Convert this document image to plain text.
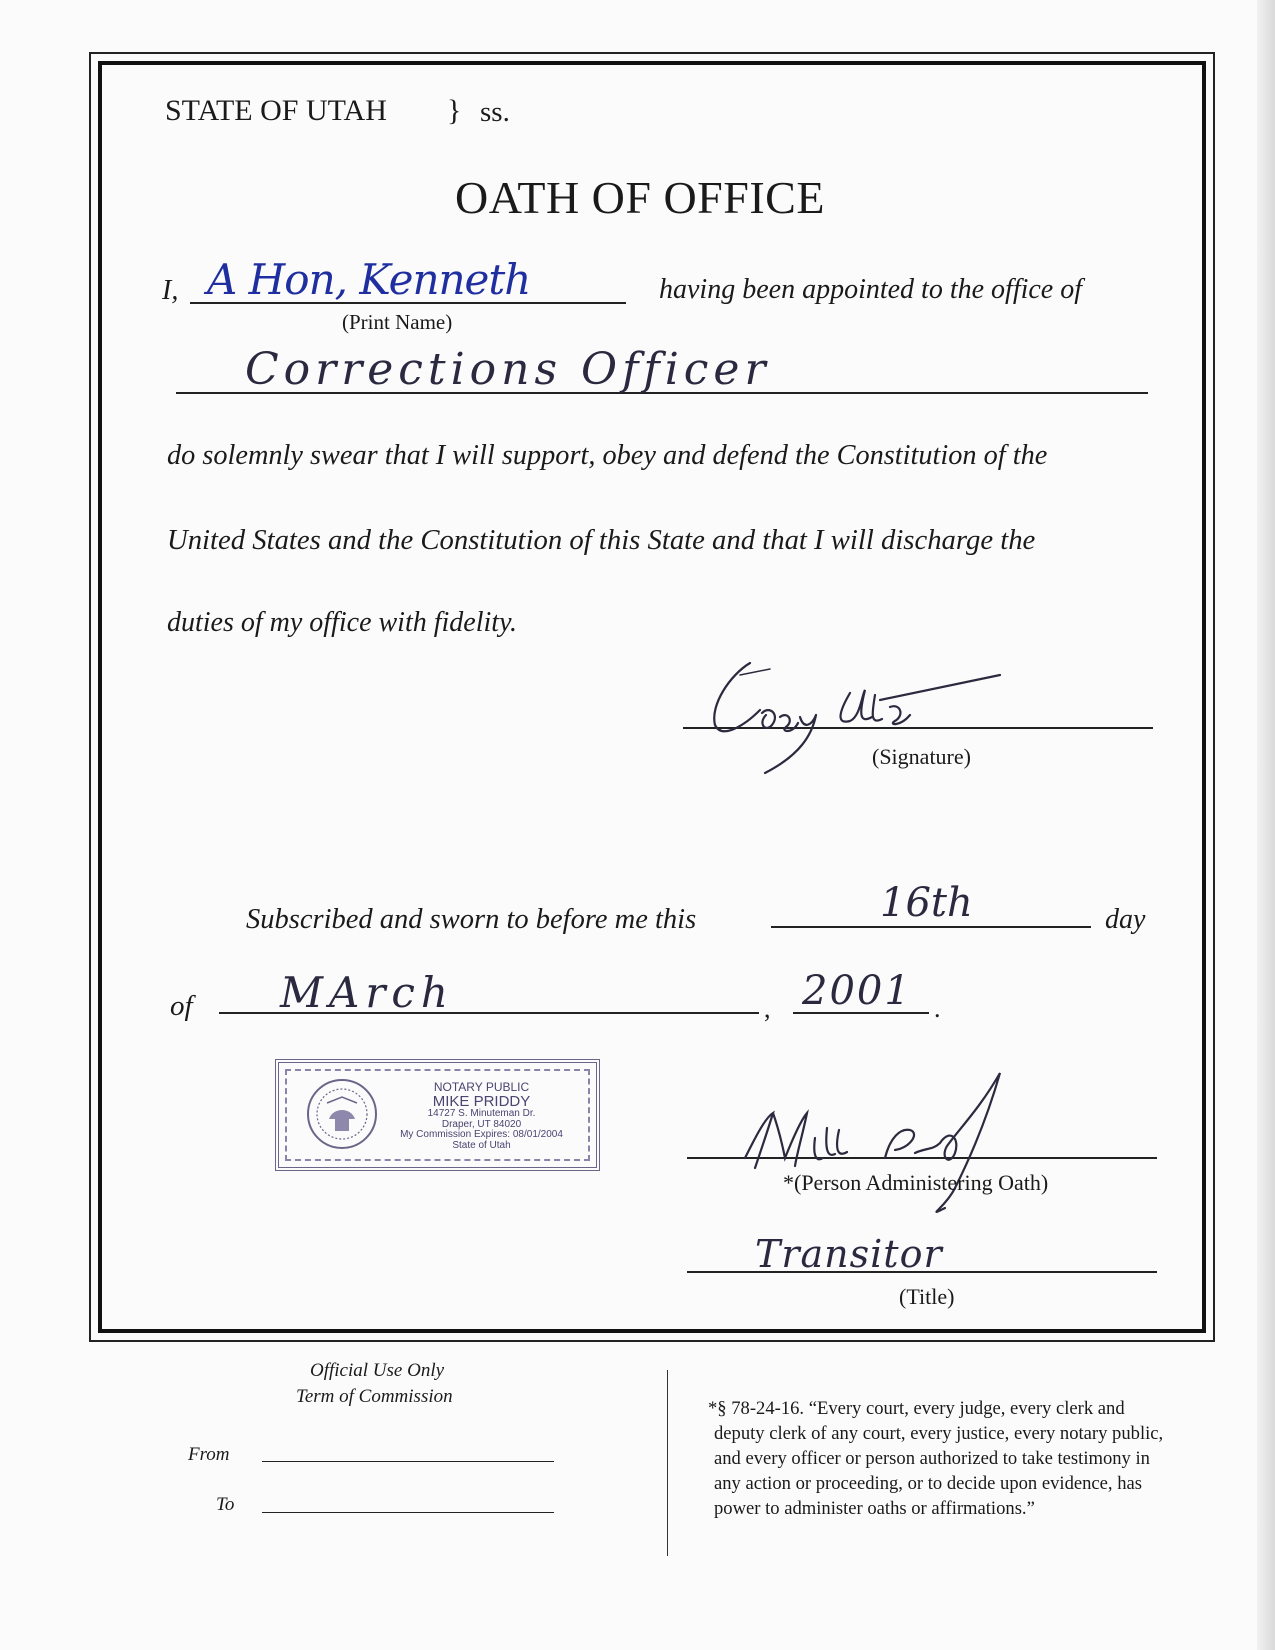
STATE OF UTAH } ss.
OATH OF OFFICE
I, A Hon, Kenneth
(Print Name)
having been appointed to the office of
Corrections Officer
do solemnly swear that I will support, obey and defend the Constitution of the
United States and the Constitution of this State and that I will discharge the
duties of my office with fidelity.
(Signature)
Subscribed and sworn to before me this	16th	day
of MArch	, 2001 .
NOTARY PUBLIC
MIKE PRIDDY
14727 S. Minuteman Dr.
Draper, UT 84020
My Commission Expires: 08/01/2004
State of Utah
*(Person Administering Oath)
Transitor
(Title)
Official Use Only
Term of Commission
From
To
*§ 78-24-16. “Every court, every judge, every clerk and
deputy clerk of any court, every justice, every notary public,
and every officer or person authorized to take testimony in
any action or proceeding, or to decide upon evidence, has
power to administer oaths or affirmations.”
